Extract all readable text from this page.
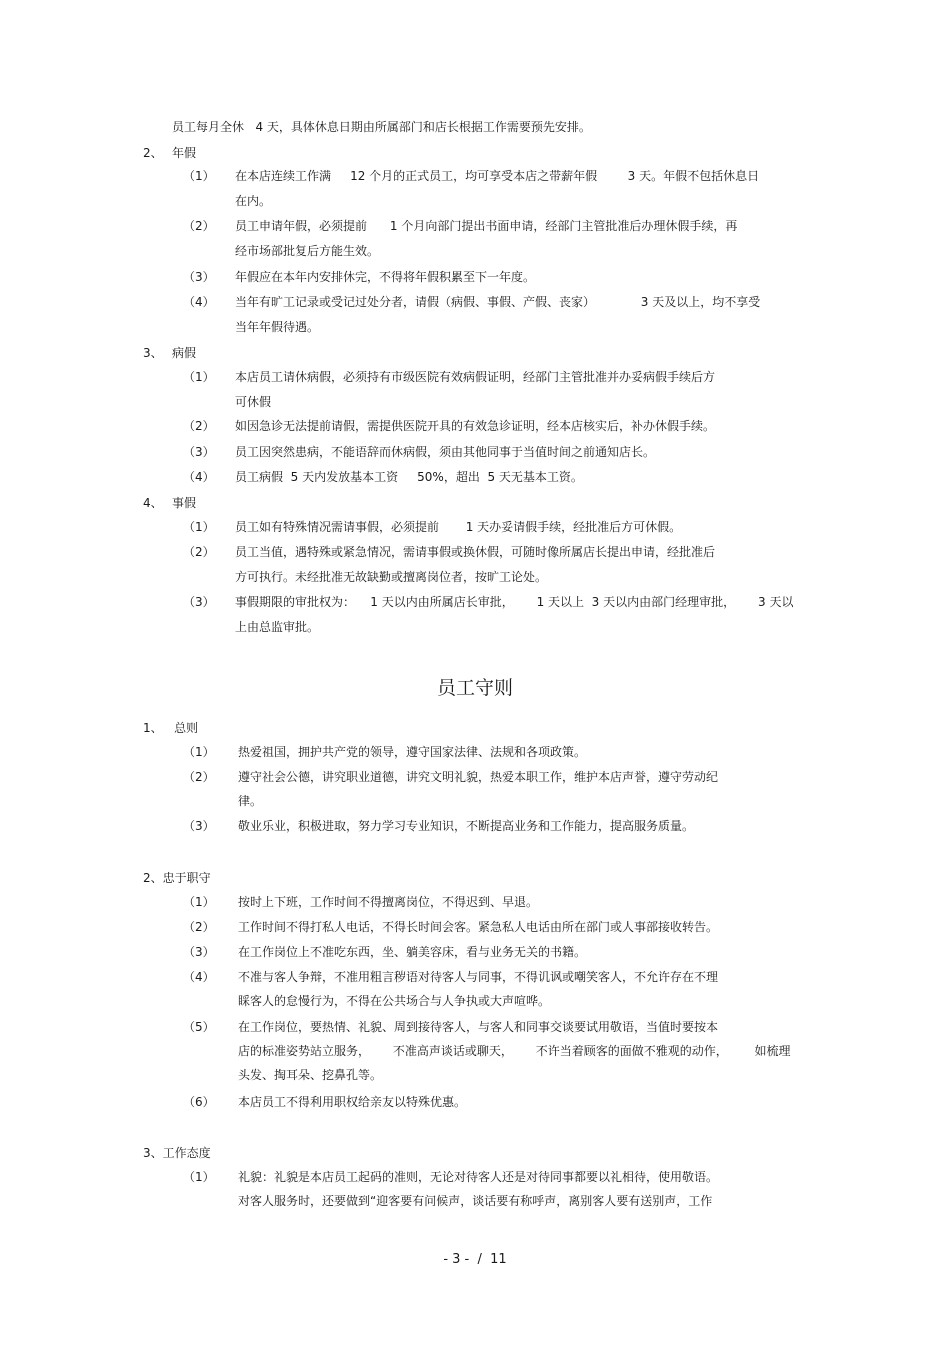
员工每月全休   4 天，具体休息日期由所属部门和店长根据工作需要预先安排。
2、 年假
（1） 在本店连续工作满     12 个月的正式员工，均可享受本店之带薪年假        3 天。年假不包括休息日
在内。
（2） 员工申请年假，必须提前      1 个月向部门提出书面申请，经部门主管批准后办理休假手续，再
经市场部批复后方能生效。
（3） 年假应在本年内安排休完，不得将年假积累至下一年度。
（4） 当年有旷工记录或受记过处分者，请假（病假、事假、产假、丧家）            3 天及以上，均不享受
当年年假待遇。
3、 病假
（1） 本店员工请休病假，必须持有市级医院有效病假证明，经部门主管批准并办妥病假手续后方
可休假
（2） 如因急诊无法提前请假，需提供医院开具的有效急诊证明，经本店核实后，补办休假手续。
（3） 员工因突然患病，不能语辞而休病假，须由其他同事于当值时间之前通知店长。
（4） 员工病假  5 天内发放基本工资     50%，超出  5 天无基本工资。
4、 事假
（1） 员工如有特殊情况需请事假，必须提前       1 天办妥请假手续，经批准后方可休假。
（2） 员工当值，遇特殊或紧急情况，需请事假或换休假，可随时像所属店长提出申请，经批准后
方可执行。未经批准无故缺勤或擅离岗位者，按旷工论处。
（3） 事假期限的审批权为：    1 天以内由所属店长审批，      1 天以上  3 天以内由部门经理审批，      3 天以
上由总监审批。
员工守则
1、   总则
（1） 热爱祖国，拥护共产党的领导，遵守国家法律、法规和各项政策。
（2） 遵守社会公德，讲究职业道德，讲究文明礼貌，热爱本职工作，维护本店声誉，遵守劳动纪
律。
（3） 敬业乐业，积极进取，努力学习专业知识，不断提高业务和工作能力，提高服务质量。
2、忠于职守
（1） 按时上下班，工作时间不得擅离岗位，不得迟到、早退。
（2） 工作时间不得打私人电话，不得长时间会客。紧急私人电话由所在部门或人事部接收转告。
（3） 在工作岗位上不准吃东西，坐、躺美容床，看与业务无关的书籍。
（4） 不准与客人争辩，不准用粗言秽语对待客人与同事，不得讥讽或嘲笑客人，不允许存在不理
睬客人的怠慢行为，不得在公共场合与人争执或大声喧哗。
（5） 在工作岗位，要热情、礼貌、周到接待客人，与客人和同事交谈要试用敬语，当值时要按本
店的标准姿势站立服务，      不准高声谈话或聊天，      不许当着顾客的面做不雅观的动作，       如梳理
头发、掏耳朵、挖鼻孔等。
（6） 本店员工不得利用职权给亲友以特殊优惠。
3、工作态度
（1） 礼貌：礼貌是本店员工起码的准则，无论对待客人还是对待同事都要以礼相待，使用敬语。
对客人服务时，还要做到“迎客要有问候声，谈话要有称呼声，离别客人要有送别声，工作
- 3 -  /  11
